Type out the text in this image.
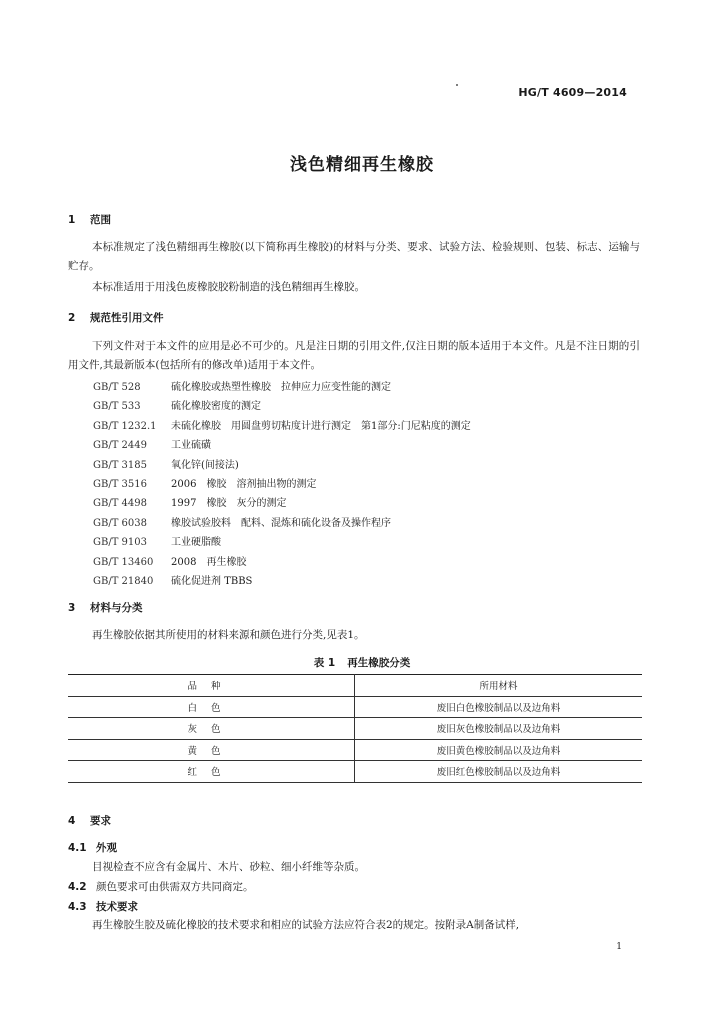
HG/T 4609—2014
浅色精细再生橡胶
1 范围

本标准规定了浅色精细再生橡胶(以下简称再生橡胶)的材料与分类、要求、试验方法、检验规则、包装、标志、运输与贮存。

本标准适用于用浅色废橡胶胶粉制造的浅色精细再生橡胶。

2 规范性引用文件

下列文件对于本文件的应用是必不可少的。凡是注日期的引用文件,仅注日期的版本适用于本文件。凡是不注日期的引用文件,其最新版本(包括所有的修改单)适用于本文件。

GB/T 528	硫化橡胶或热塑性橡胶　拉伸应力应变性能的测定
GB/T 533	硫化橡胶密度的测定
GB/T 1232.1 未硫化橡胶　用圆盘剪切粘度计进行测定　第1部分:门尼粘度的测定
GB/T 2449 工业硫磺
GB/T 3185 氧化锌(间接法)
GB/T 3516 2006　橡胶　溶剂抽出物的测定
GB/T 4498 1997　橡胶　灰分的测定
GB/T 6038 橡胶试验胶料　配料、混炼和硫化设备及操作程序
GB/T 9103 工业硬脂酸
GB/T 13460 2008　再生橡胶
GB/T 21840 硫化促进剂 TBBS
3 材料与分类

再生橡胶依据其所使用的材料来源和颜色进行分类,见表1。

表 1 再生橡胶分类
品种	所用材料
白色	废旧白色橡胶制品以及边角料
灰色	废旧灰色橡胶制品以及边角料
黄色	废旧黄色橡胶制品以及边角料
红色	废旧红色橡胶制品以及边角料
4 要求
4.1 外观

目视检查不应含有金属片、木片、砂粒、细小纤维等杂质。

4.2 颜色要求可由供需双方共同商定。
4.3 技术要求

再生橡胶生胶及硫化橡胶的技术要求和相应的试验方法应符合表2的规定。按附录A制备试样,

1
